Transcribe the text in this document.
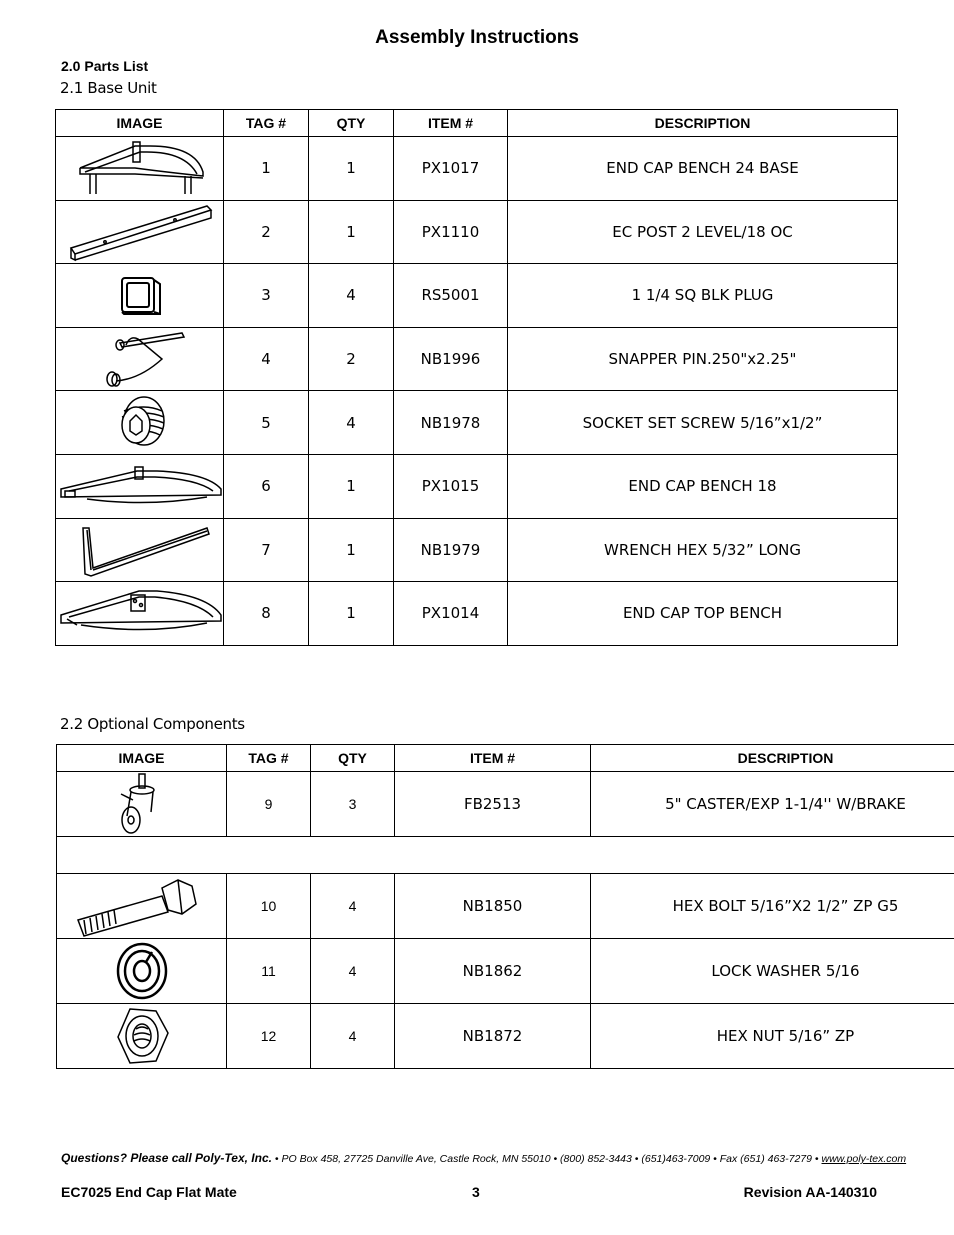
Assembly Instructions
2.0 Parts List
2.1 Base Unit
IMAGE	TAG #	QTY	ITEM #	DESCRIPTION

	1	1	PX1017	END CAP BENCH 24 BASE

	2	1	PX1110	EC POST 2 LEVEL/18 OC

	3	4	RS5001	1 1/4 SQ BLK PLUG

	4	2	NB1996	SNAPPER PIN.250"x2.25"

	5	4	NB1978	SOCKET SET SCREW 5/16”x1/2”

	6	1	PX1015	END CAP BENCH 18

	7	1	NB1979	WRENCH HEX 5/32” LONG

	8	1	PX1014	END CAP TOP BENCH
2.2 Optional Components
IMAGE	TAG #	QTY	ITEM #	DESCRIPTION

	9	3	FB2513	5" CASTER/EXP 1-1/4'' W/BRAKE

	10	4	NB1850	HEX BOLT 5/16”X2 1/2” ZP G5

	11	4	NB1862	LOCK WASHER 5/16

	12	4	NB1872	HEX NUT 5/16” ZP
Questions? Please call Poly-Tex, Inc. • PO Box 458, 27725 Danville Ave, Castle Rock, MN 55010 • (800) 852-3443 • (651)463-7009 • Fax (651) 463-7279 • www.poly-tex.com
EC7025 End Cap Flat Mate	3	Revision AA-140310
